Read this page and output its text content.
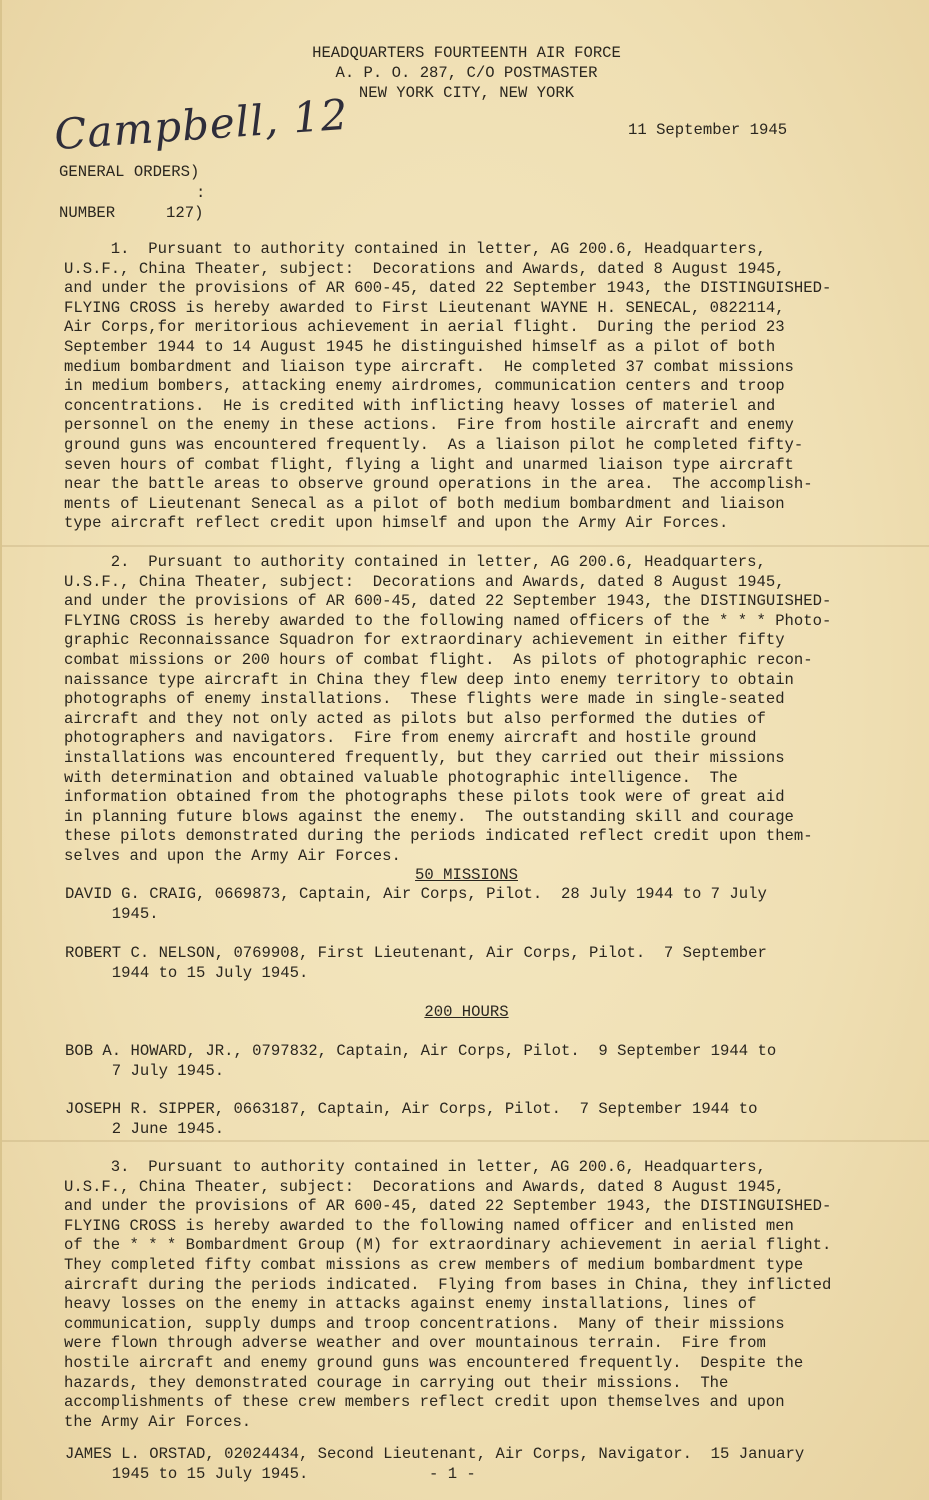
HEADQUARTERS FOURTEENTH AIR FORCE
A. P. O. 287, C/O POSTMASTER
NEW YORK CITY, NEW YORK
Campbell, 12	11 September 1945
GENERAL ORDERS)
:
NUMBER	127)
1.  Pursuant to authority contained in letter, AG 200.6, Headquarters,
U.S.F., China Theater, subject:  Decorations and Awards, dated 8 August 1945,
and under the provisions of AR 600-45, dated 22 September 1943, the DISTINGUISHED-
FLYING CROSS is hereby awarded to First Lieutenant WAYNE H. SENECAL, 0822114,
Air Corps,for meritorious achievement in aerial flight.  During the period 23
September 1944 to 14 August 1945 he distinguished himself as a pilot of both
medium bombardment and liaison type aircraft.  He completed 37 combat missions
in medium bombers, attacking enemy airdromes, communication centers and troop
concentrations.  He is credited with inflicting heavy losses of materiel and
personnel on the enemy in these actions.  Fire from hostile aircraft and enemy
ground guns was encountered frequently.  As a liaison pilot he completed fifty-
seven hours of combat flight, flying a light and unarmed liaison type aircraft
near the battle areas to observe ground operations in the area.  The accomplish-
ments of Lieutenant Senecal as a pilot of both medium bombardment and liaison
type aircraft reflect credit upon himself and upon the Army Air Forces.
2.  Pursuant to authority contained in letter, AG 200.6, Headquarters,
U.S.F., China Theater, subject:  Decorations and Awards, dated 8 August 1945,
and under the provisions of AR 600-45, dated 22 September 1943, the DISTINGUISHED-
FLYING CROSS is hereby awarded to the following named officers of the * * * Photo-
graphic Reconnaissance Squadron for extraordinary achievement in either fifty
combat missions or 200 hours of combat flight.  As pilots of photographic recon-
naissance type aircraft in China they flew deep into enemy territory to obtain
photographs of enemy installations.  These flights were made in single-seated
aircraft and they not only acted as pilots but also performed the duties of
photographers and navigators.  Fire from enemy aircraft and hostile ground
installations was encountered frequently, but they carried out their missions
with determination and obtained valuable photographic intelligence.  The
information obtained from the photographs these pilots took were of great aid
in planning future blows against the enemy.  The outstanding skill and courage
these pilots demonstrated during the periods indicated reflect credit upon them-
selves and upon the Army Air Forces.
50 MISSIONS
DAVID G. CRAIG, 0669873, Captain, Air Corps, Pilot.  28 July 1944 to 7 July
1945.
ROBERT C. NELSON, 0769908, First Lieutenant, Air Corps, Pilot.  7 September
1944 to 15 July 1945.
200 HOURS
BOB A. HOWARD, JR., 0797832, Captain, Air Corps, Pilot.  9 September 1944 to
7 July 1945.
JOSEPH R. SIPPER, 0663187, Captain, Air Corps, Pilot.  7 September 1944 to
2 June 1945.
3.  Pursuant to authority contained in letter, AG 200.6, Headquarters,
U.S.F., China Theater, subject:  Decorations and Awards, dated 8 August 1945,
and under the provisions of AR 600-45, dated 22 September 1943, the DISTINGUISHED-
FLYING CROSS is hereby awarded to the following named officer and enlisted men
of the * * * Bombardment Group (M) for extraordinary achievement in aerial flight.
They completed fifty combat missions as crew members of medium bombardment type
aircraft during the periods indicated.  Flying from bases in China, they inflicted
heavy losses on the enemy in attacks against enemy installations, lines of
communication, supply dumps and troop concentrations.  Many of their missions
were flown through adverse weather and over mountainous terrain.  Fire from
hostile aircraft and enemy ground guns was encountered frequently.  Despite the
hazards, they demonstrated courage in carrying out their missions.  The
accomplishments of these crew members reflect credit upon themselves and upon
the Army Air Forces.
JAMES L. ORSTAD, 02024434, Second Lieutenant, Air Corps, Navigator.  15 January
1945 to 15 July 1945.	- 1 -
